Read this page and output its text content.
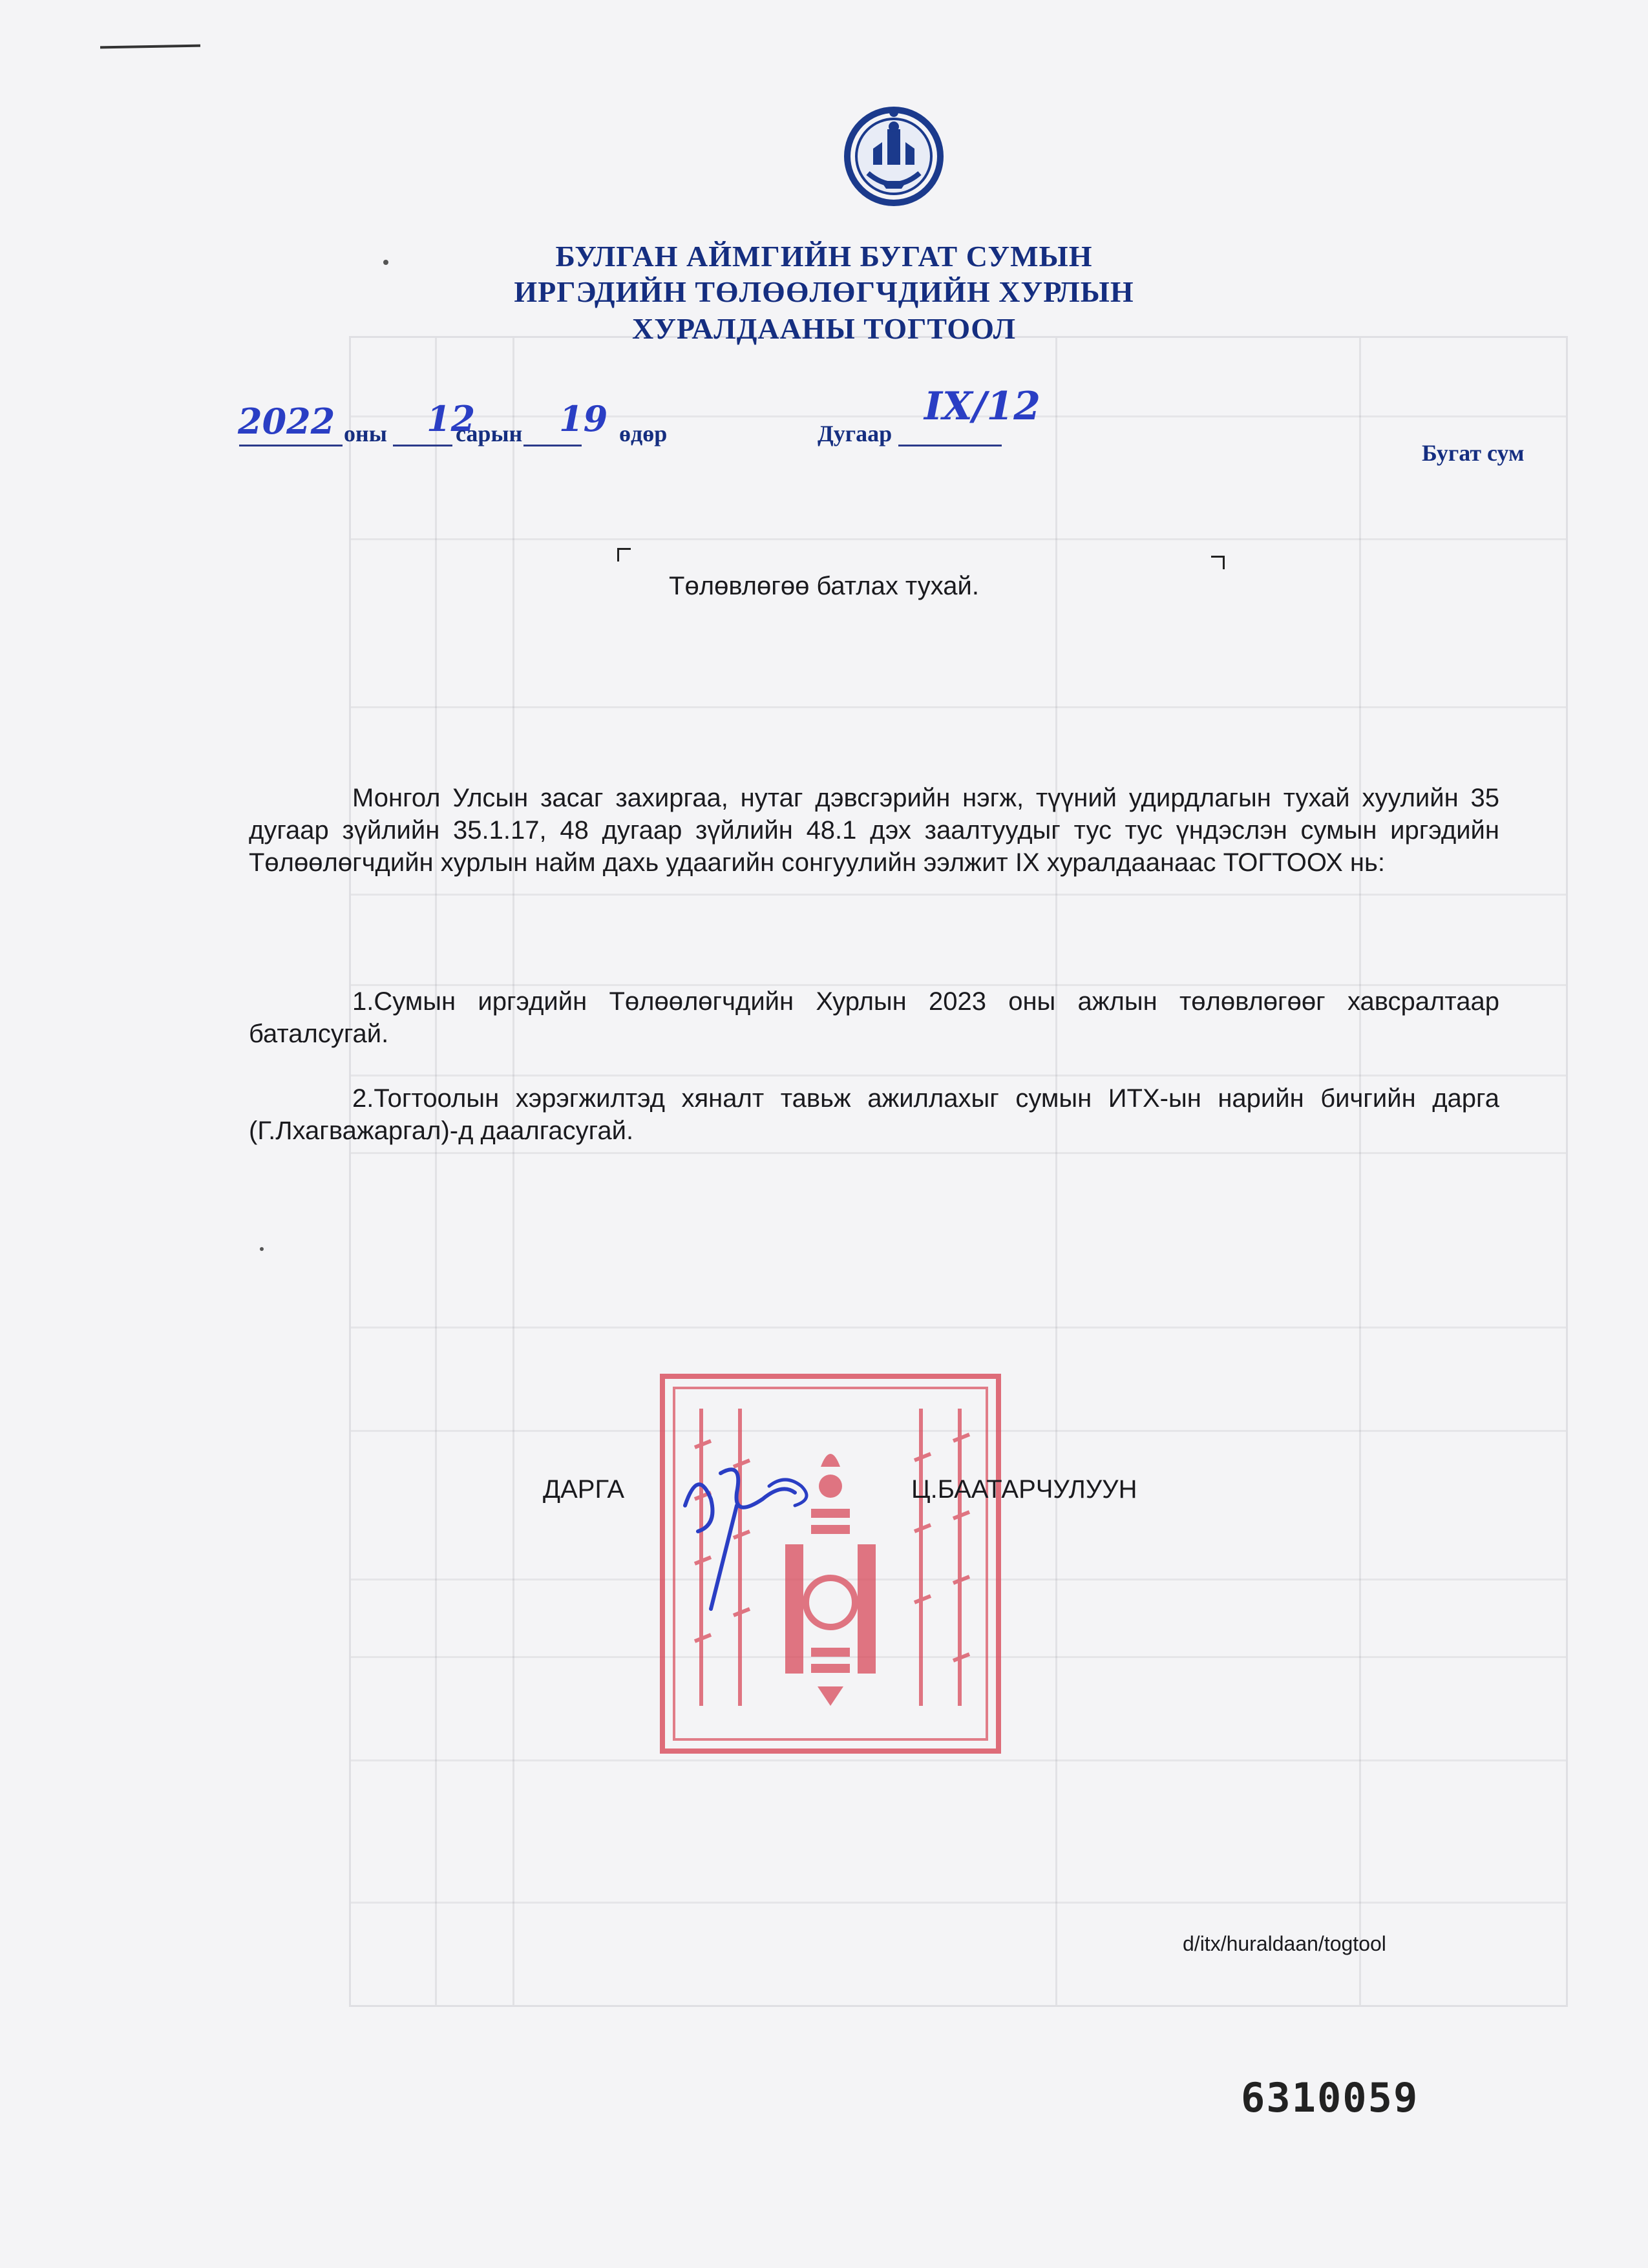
БУЛГАН АЙМГИЙН БУГАТ СУМЫН
ИРГЭДИЙН ТӨЛӨӨЛӨГЧДИЙН ХУРЛЫН
ХУРАЛДААНЫ ТОГТООЛ
2022 оны 12
сарын 19 өдөр	Дугаар
IX/12
Бугат сум
Төлөвлөгөө батлах тухай.
Монгол Улсын засаг захиргаа, нутаг дэвсгэрийн нэгж, түүний удирдлагын тухай хуулийн 35 дугаар зүйлийн 35.1.17, 48 дугаар зүйлийн 48.1 дэх заалтуудыг тус тус үндэслэн сумын иргэдийн Төлөөлөгчдийн хурлын найм дахь удаагийн сонгуулийн ээлжит IX хуралдаанаас ТОГТООХ нь:
1.Сумын иргэдийн Төлөөлөгчдийн Хурлын 2023 оны ажлын төлөвлөгөөг хавсралтаар баталсугай.
2.Тогтоолын хэрэгжилтэд хяналт тавьж ажиллахыг сумын ИТХ-ын нарийн бичгийн дарга (Г.Лхагважаргал)-д даалгасугай.
ДАРГА	Ц.БААТАРЧУЛУУН
d/itx/huraldaan/togtool
6310059
